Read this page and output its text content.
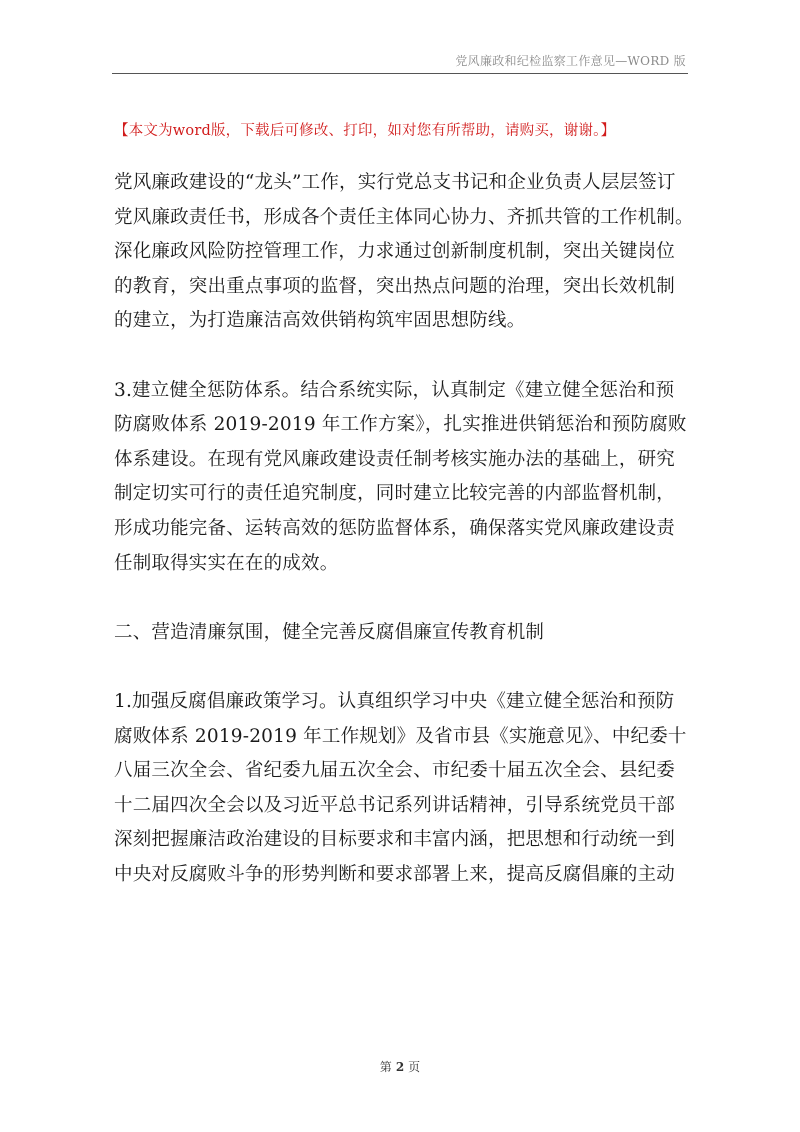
党风廉政和纪检监察工作意见—WORD 版
【本文为word版，下载后可修改、打印，如对您有所帮助，请购买，谢谢。】
党风廉政建设的“龙头”工作，实行党总支书记和企业负责人层层签订
党风廉政责任书，形成各个责任主体同心协力、齐抓共管的工作机制。
深化廉政风险防控管理工作，力求通过创新制度机制，突出关键岗位
的教育，突出重点事项的监督，突出热点问题的治理，突出长效机制
的建立，为打造廉洁高效供销构筑牢固思想防线。
3.建立健全惩防体系。结合系统实际，认真制定《建立健全惩治和预
防腐败体系 2019-2019 年工作方案》，扎实推进供销惩治和预防腐败
体系建设。在现有党风廉政建设责任制考核实施办法的基础上，研究
制定切实可行的责任追究制度，同时建立比较完善的内部监督机制，
形成功能完备、运转高效的惩防监督体系，确保落实党风廉政建设责
任制取得实实在在的成效。
二、营造清廉氛围，健全完善反腐倡廉宣传教育机制
1.加强反腐倡廉政策学习。认真组织学习中央《建立健全惩治和预防
腐败体系 2019-2019 年工作规划》及省市县《实施意见》、中纪委十
八届三次全会、省纪委九届五次全会、市纪委十届五次全会、县纪委
十二届四次全会以及习近平总书记系列讲话精神，引导系统党员干部
深刻把握廉洁政治建设的目标要求和丰富内涵，把思想和行动统一到
中央对反腐败斗争的形势判断和要求部署上来，提高反腐倡廉的主动
第 2 页
